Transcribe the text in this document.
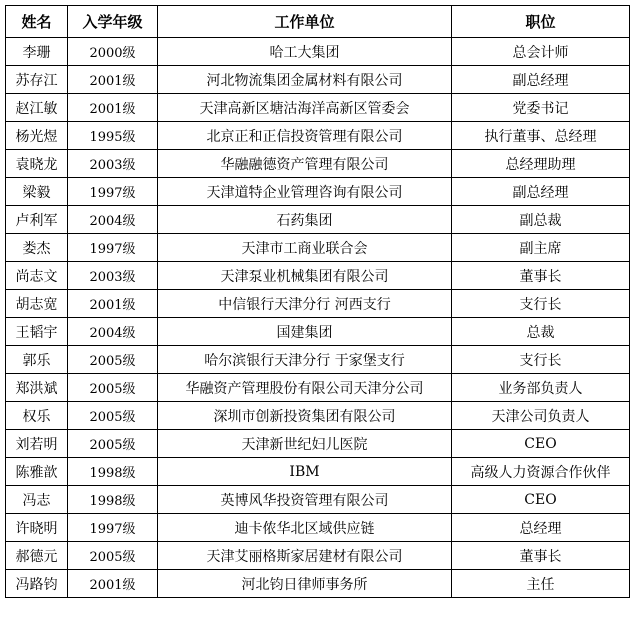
姓名	入学年级	工作单位	职位
李珊	2000级	哈工大集团	总会计师
苏存江	2001级	河北物流集团金属材料有限公司	副总经理
赵江敏	2001级	天津高新区塘沽海洋高新区管委会	党委书记
杨光煜	1995级	北京正和正信投资管理有限公司	执行董事、总经理
袁晓龙	2003级	华融融德资产管理有限公司	总经理助理
梁毅	1997级	天津道特企业管理咨询有限公司	副总经理
卢利军	2004级	石药集团	副总裁
娄杰	1997级	天津市工商业联合会	副主席
尚志文	2003级	天津泵业机械集团有限公司	董事长
胡志宽	2001级	中信银行天津分行 河西支行	支行长
王韬宇	2004级	国建集团	总裁
郭乐	2005级	哈尔滨银行天津分行 于家堡支行	支行长
郑洪斌	2005级	华融资产管理股份有限公司天津分公司	业务部负责人
权乐	2005级	深圳市创新投资集团有限公司	天津公司负责人
刘若明	2005级	天津新世纪妇儿医院	CEO
陈雅歆	1998级	IBM	高级人力资源合作伙伴
冯志	1998级	英博风华投资管理有限公司	CEO
许晓明	1997级	迪卡侬华北区域供应链	总经理
郝德元	2005级	天津艾丽格斯家居建材有限公司	董事长
冯路钧	2001级	河北钧日律师事务所	主任
